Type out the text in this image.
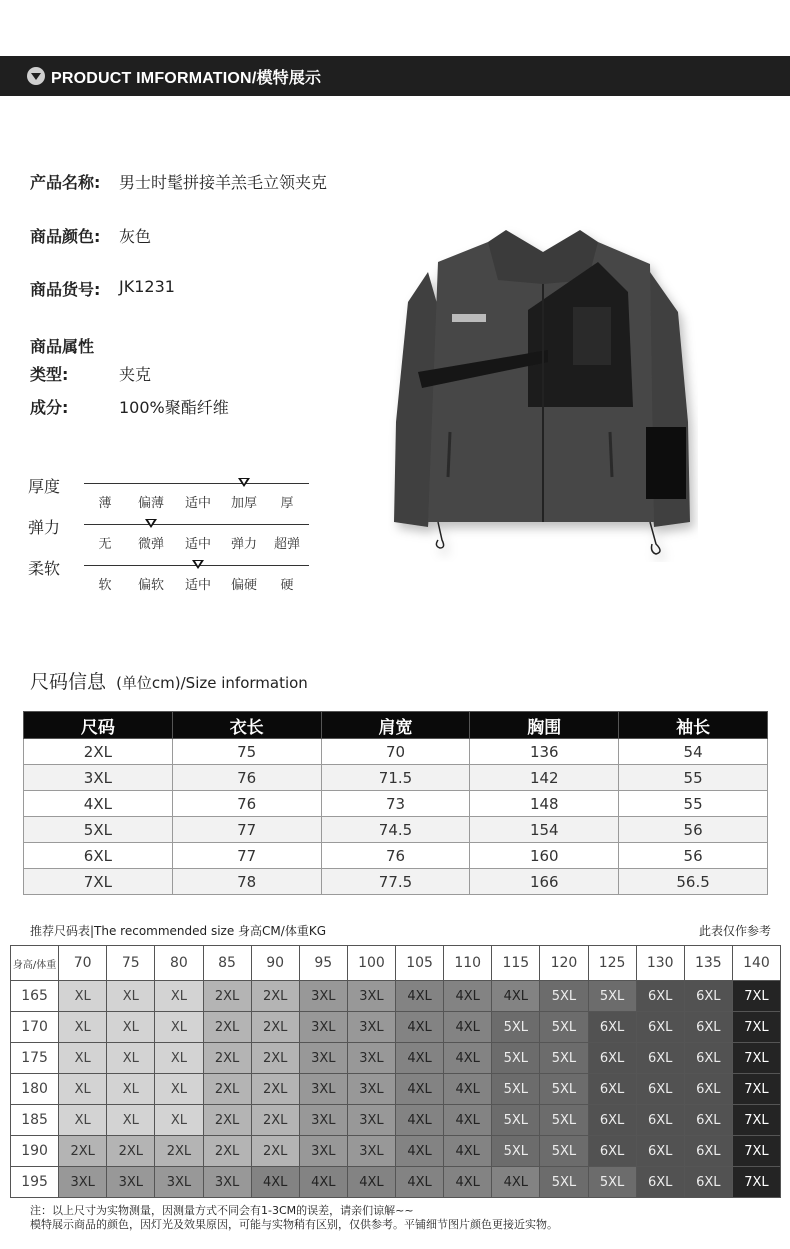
PRODUCT IMFORMATION/模特展示
产品名称: 男士时髦拼接羊羔毛立领夹克
商品颜色: 灰色
商品货号: JK1231
商品属性
类型:	夹克
成分:	100%聚酯纤维
厚度
薄	偏薄	适中	加厚	厚
弹力
无	微弹	适中	弹力	超弹
柔软
软	偏软	适中	偏硬	硬
尺码信息 (单位cm)/Size information
尺码	衣长	肩宽	胸围	袖长
2XL	75	70	136	54
3XL	76	71.5	142	55
4XL	76	73	148	55
5XL	77	74.5	154	56
6XL	77	76	160	56
7XL	78	77.5	166	56.5
推荐尺码表|The recommended size 身高CM/体重KG	此表仅作参考
身高/体重	70	75	80	85	90	95	100	105	110	115	120	125	130	135	140
165	XL	XL	XL	2XL	2XL	3XL	3XL	4XL	4XL	4XL	5XL	5XL	6XL	6XL	7XL
170	XL	XL	XL	2XL	2XL	3XL	3XL	4XL	4XL	5XL	5XL	6XL	6XL	6XL	7XL
175	XL	XL	XL	2XL	2XL	3XL	3XL	4XL	4XL	5XL	5XL	6XL	6XL	6XL	7XL
180	XL	XL	XL	2XL	2XL	3XL	3XL	4XL	4XL	5XL	5XL	6XL	6XL	6XL	7XL
185	XL	XL	XL	2XL	2XL	3XL	3XL	4XL	4XL	5XL	5XL	6XL	6XL	6XL	7XL
190	2XL	2XL	2XL	2XL	2XL	3XL	3XL	4XL	4XL	5XL	5XL	6XL	6XL	6XL	7XL
195	3XL	3XL	3XL	3XL	4XL	4XL	4XL	4XL	4XL	4XL	5XL	5XL	6XL	6XL	7XL
注：以上尺寸为实物测量，因测量方式不同会有1-3CM的误差，请亲们谅解~~
模特展示商品的颜色，因灯光及效果原因，可能与实物稍有区别，仅供参考。平铺细节图片颜色更接近实物。
